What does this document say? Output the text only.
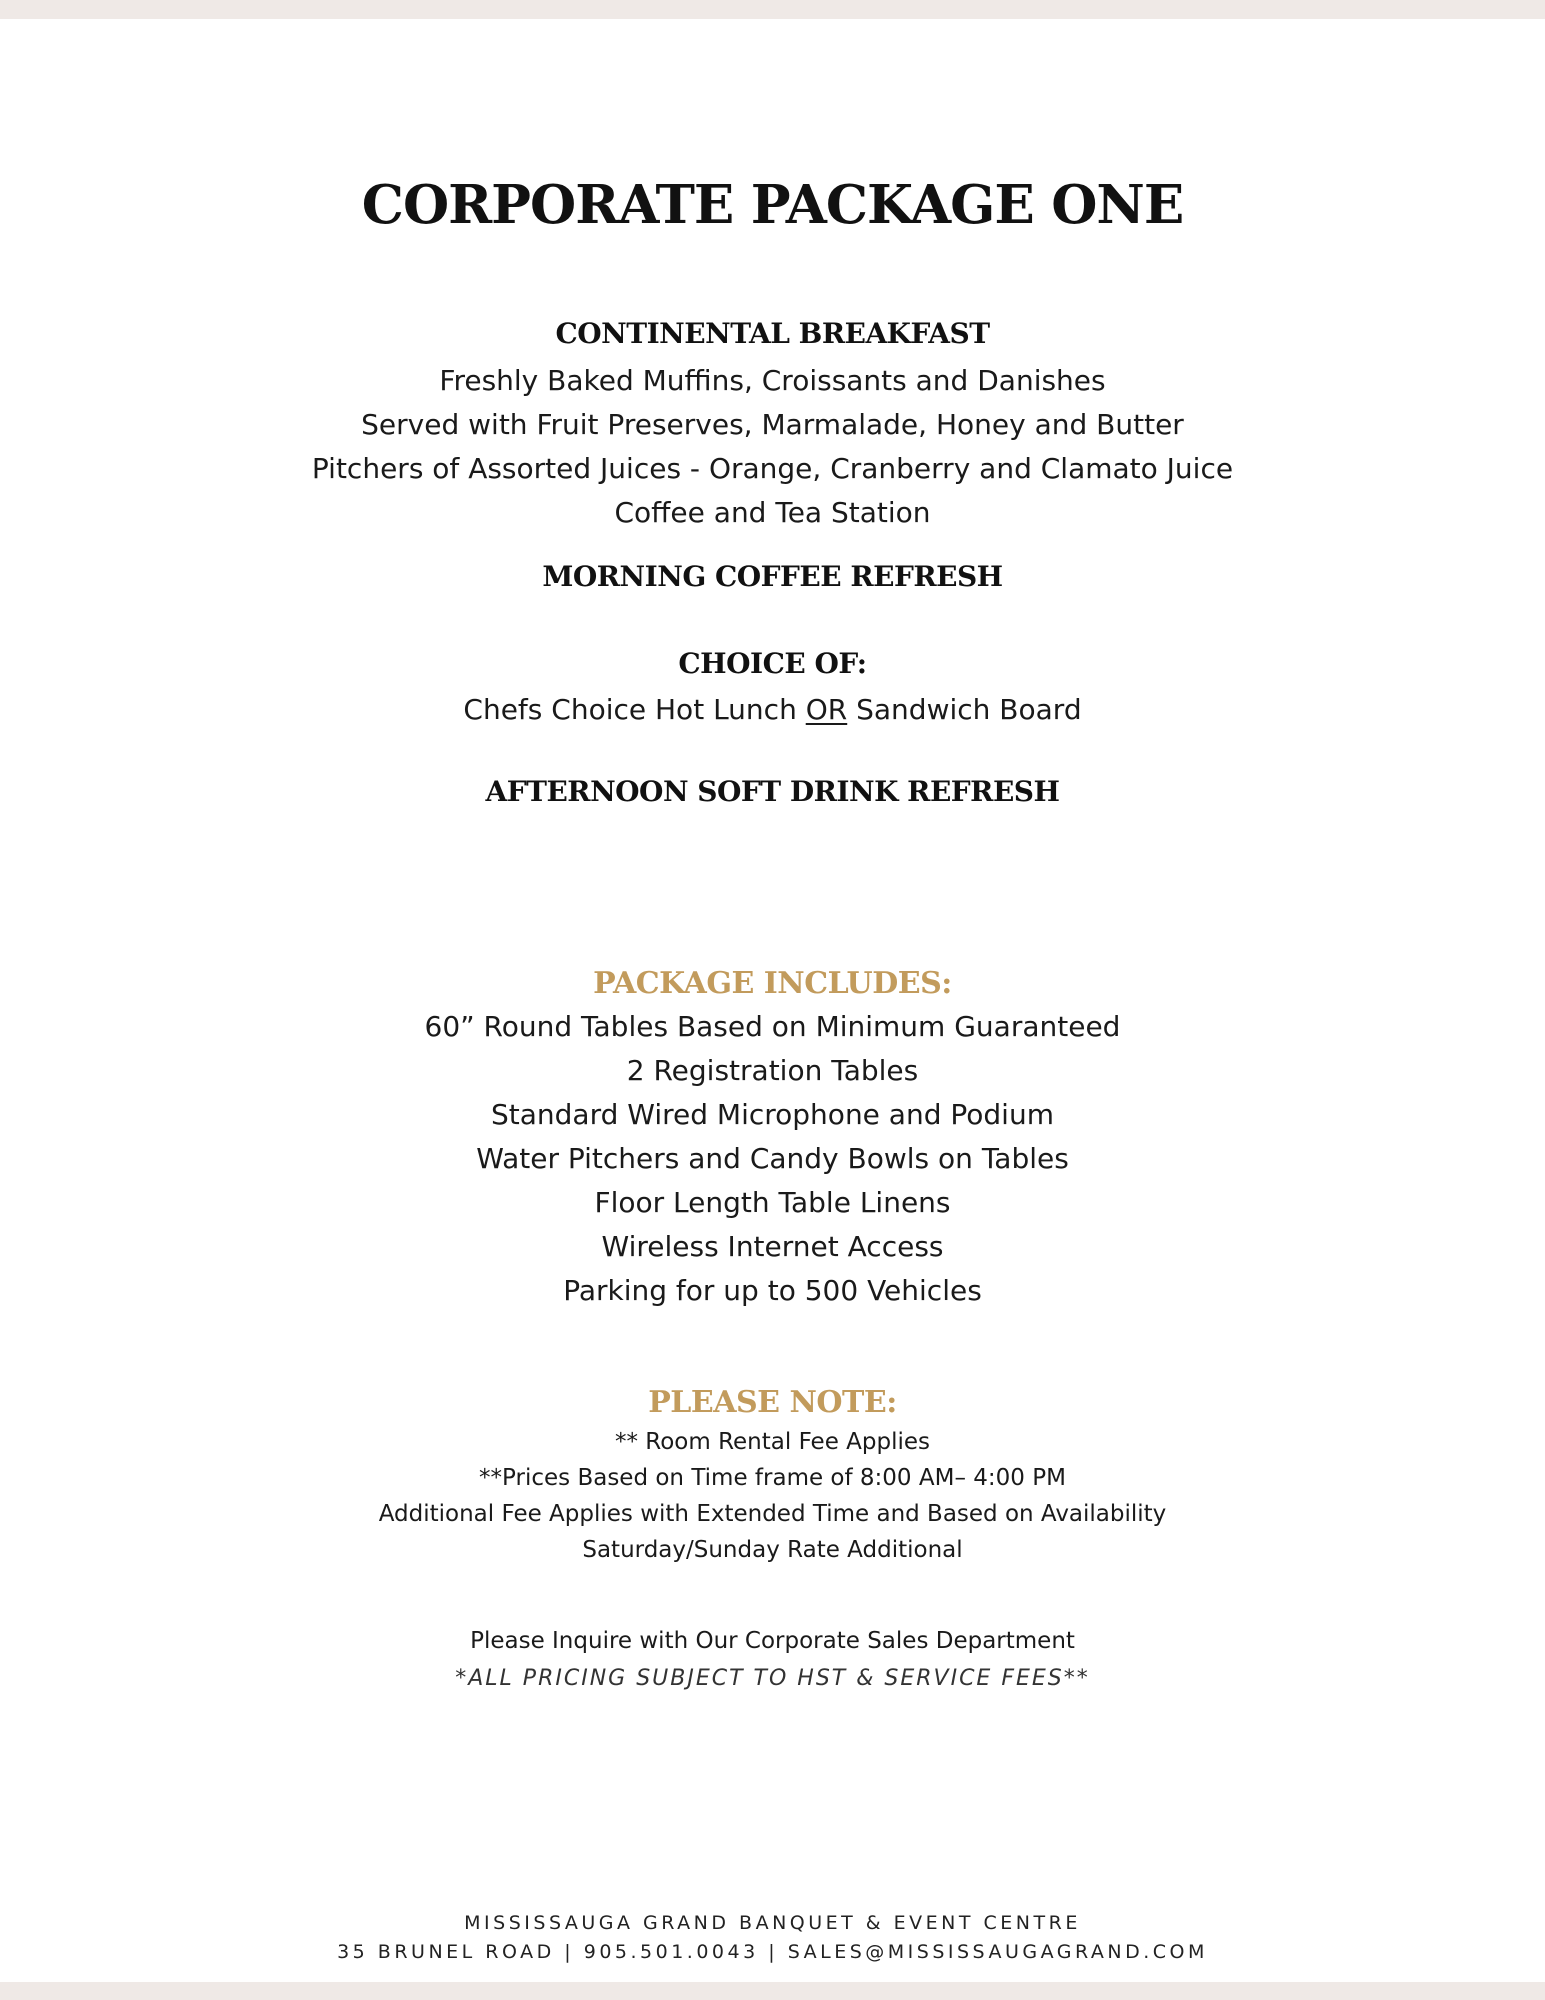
CORPORATE PACKAGE ONE
CONTINENTAL BREAKFAST
Freshly Baked Muffins, Croissants and Danishes
Served with Fruit Preserves, Marmalade, Honey and Butter
Pitchers of Assorted Juices - Orange, Cranberry and Clamato Juice
Coffee and Tea Station
MORNING COFFEE REFRESH
CHOICE OF:
Chefs Choice Hot Lunch OR Sandwich Board
AFTERNOON SOFT DRINK REFRESH
PACKAGE INCLUDES:
60” Round Tables Based on Minimum Guaranteed
2 Registration Tables
Standard Wired Microphone and Podium
Water Pitchers and Candy Bowls on Tables
Floor Length Table Linens
Wireless Internet Access
Parking for up to 500 Vehicles
PLEASE NOTE:
** Room Rental Fee Applies
**Prices Based on Time frame of 8:00 AM– 4:00 PM
Additional Fee Applies with Extended Time and Based on Availability
Saturday/Sunday Rate Additional
Please Inquire with Our Corporate Sales Department
*ALL PRICING SUBJECT TO HST & SERVICE FEES**
MISSISSAUGA GRAND BANQUET & EVENT CENTRE
35 BRUNEL ROAD | 905.501.0043 | SALES@MISSISSAUGAGRAND.COM
